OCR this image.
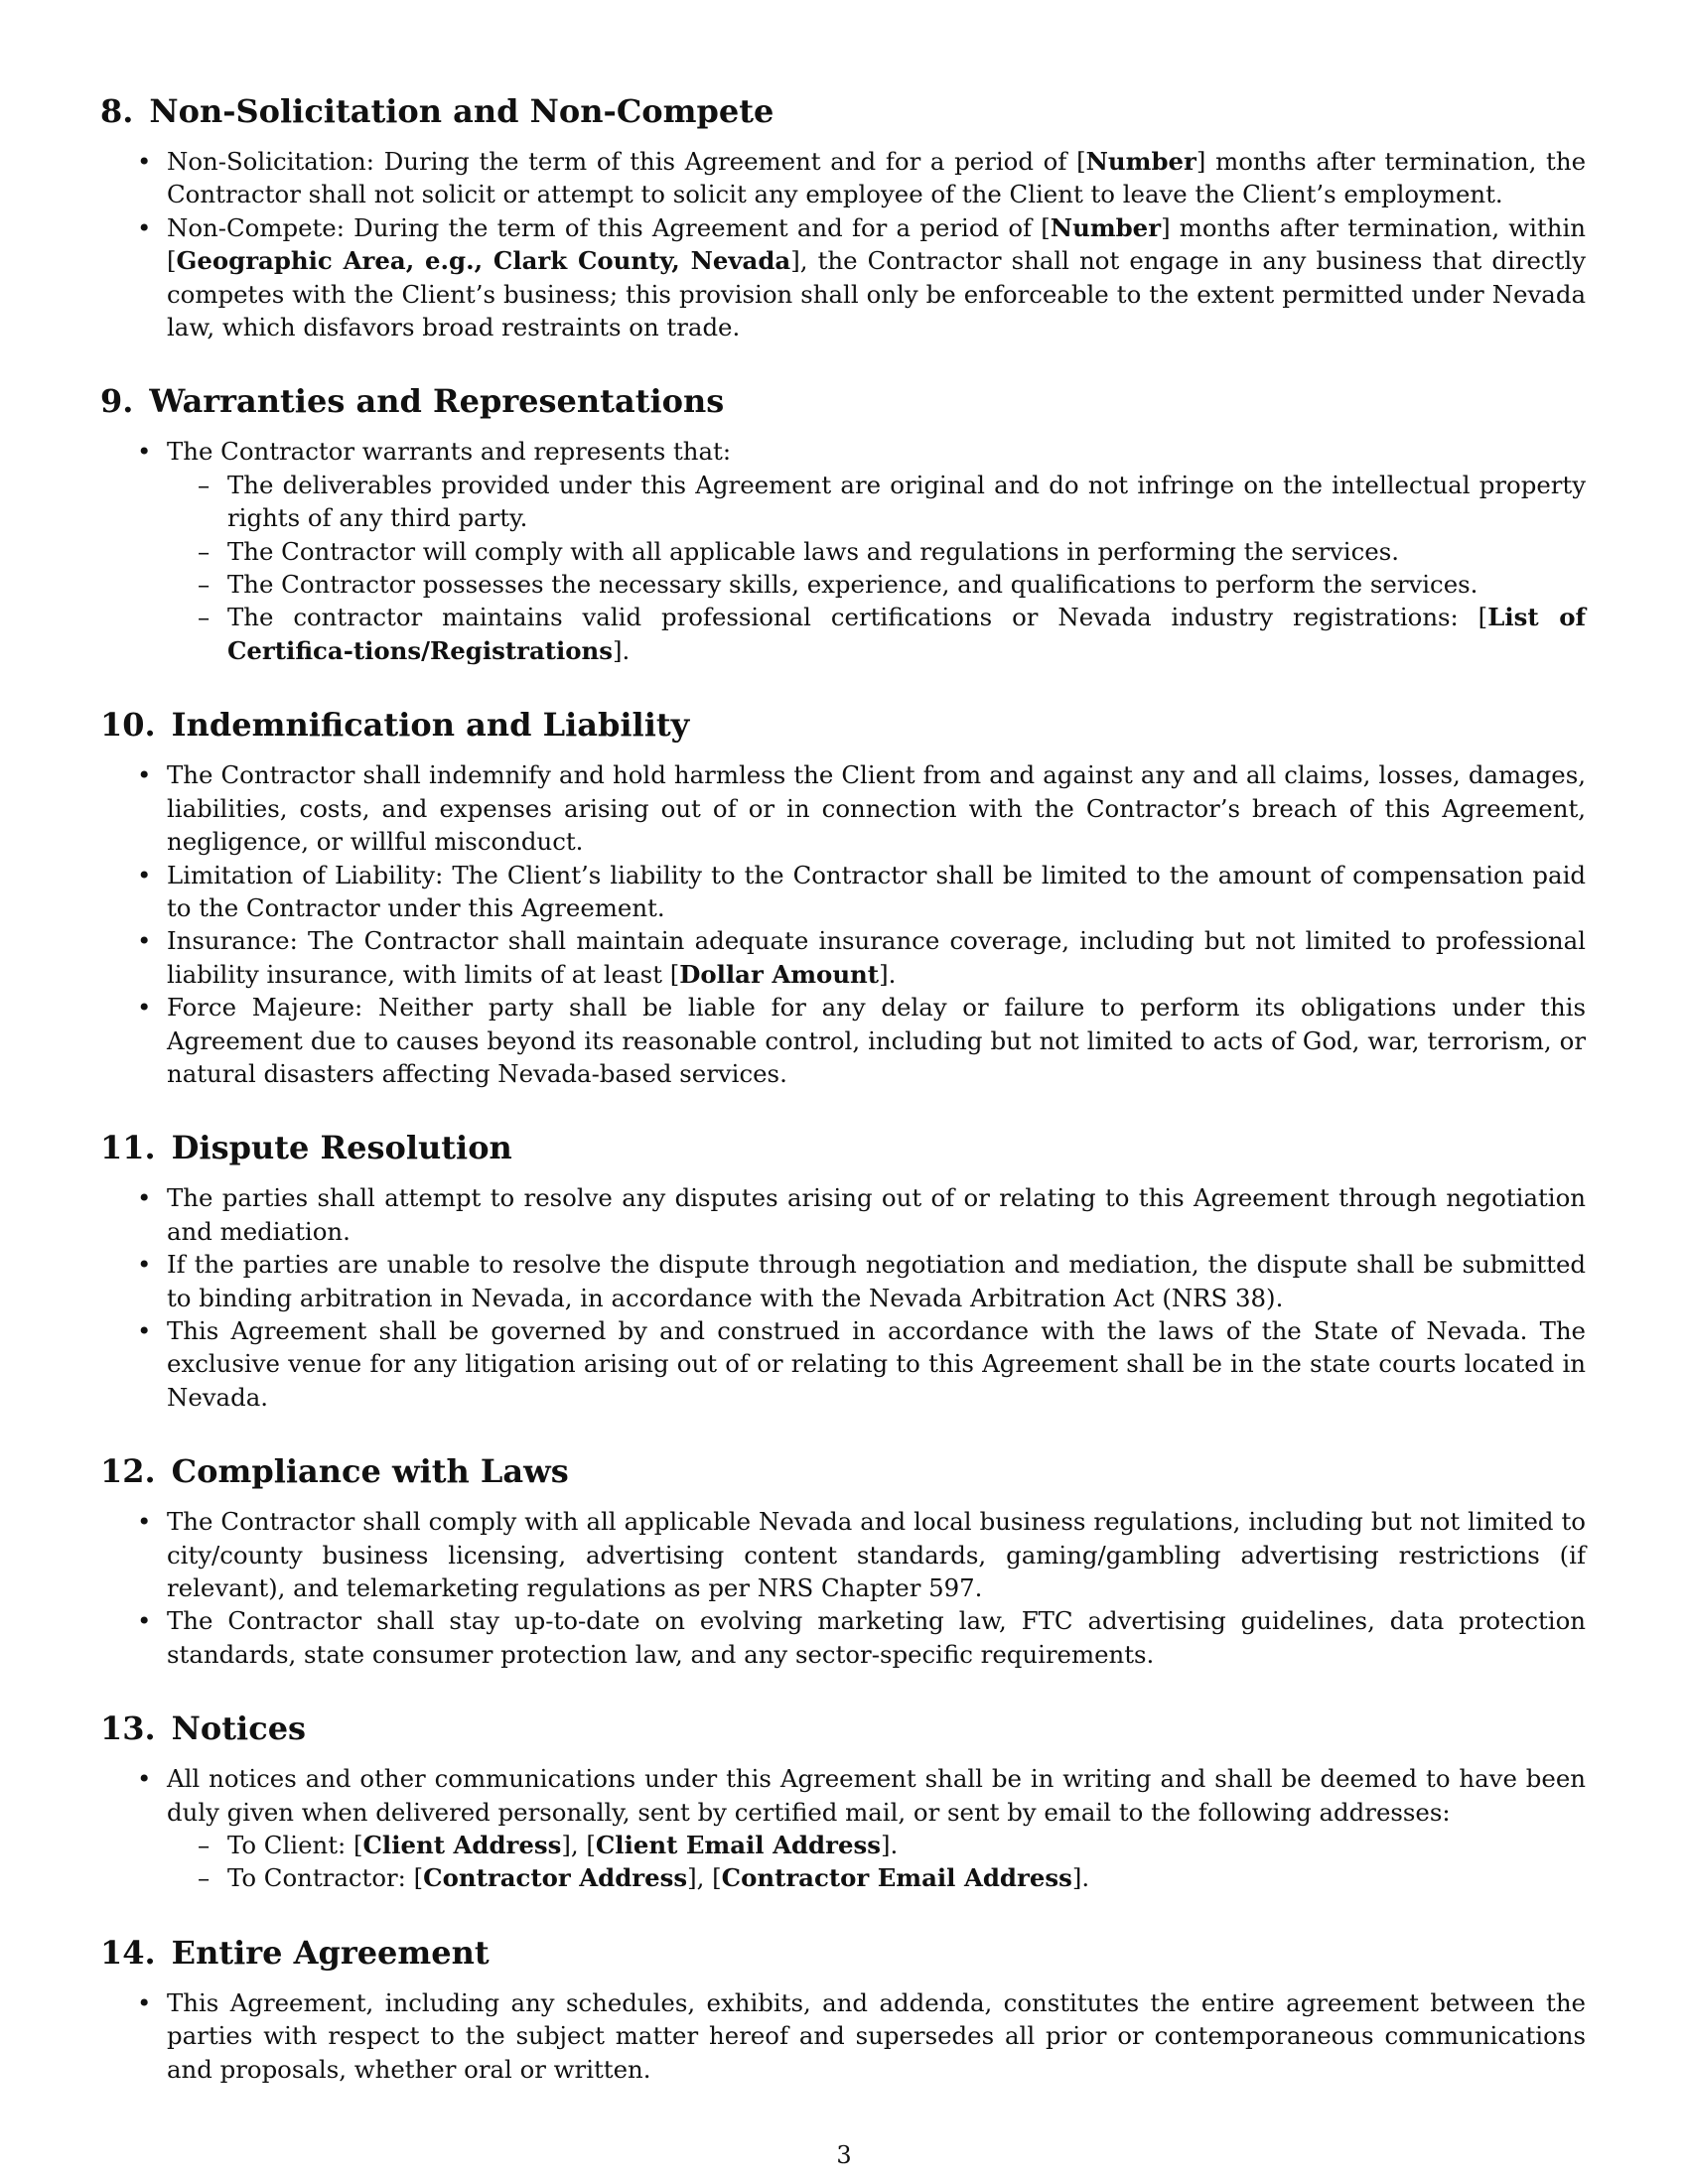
8. Non-Solicitation and Non-Compete
• Non-Solicitation: During the term of this Agreement and for a period of [Number] months after termination, the Contractor shall not solicit or attempt to solicit any employee of the Client to leave the Client’s employment.
• Non-Compete: During the term of this Agreement and for a period of [Number] months after termination, within [Geographic Area, e.g., Clark County, Nevada], the Contractor shall not engage in any business that directly competes with the Client’s business; this provision shall only be enforceable to the extent permitted under Nevada law, which disfavors broad restraints on trade.
9. Warranties and Representations
• The Contractor warrants and represents that:
– The deliverables provided under this Agreement are original and do not infringe on the intellectual property rights of any third party.
– The Contractor will comply with all applicable laws and regulations in performing the services.
– The Contractor possesses the necessary skills, experience, and qualifications to perform the services.
– The contractor maintains valid professional certifications or Nevada industry registrations: [List of Certifica-tions/Registrations].
10. Indemnification and Liability
• The Contractor shall indemnify and hold harmless the Client from and against any and all claims, losses, damages, liabilities, costs, and expenses arising out of or in connection with the Contractor’s breach of this Agreement, negligence, or willful misconduct.
• Limitation of Liability: The Client’s liability to the Contractor shall be limited to the amount of compensation paid to the Contractor under this Agreement.
• Insurance: The Contractor shall maintain adequate insurance coverage, including but not limited to professional liability insurance, with limits of at least [Dollar Amount].
• Force Majeure: Neither party shall be liable for any delay or failure to perform its obligations under this Agreement due to causes beyond its reasonable control, including but not limited to acts of God, war, terrorism, or natural disasters affecting Nevada-based services.
11. Dispute Resolution
• The parties shall attempt to resolve any disputes arising out of or relating to this Agreement through negotiation and mediation.
• If the parties are unable to resolve the dispute through negotiation and mediation, the dispute shall be submitted to binding arbitration in Nevada, in accordance with the Nevada Arbitration Act (NRS 38).
• This Agreement shall be governed by and construed in accordance with the laws of the State of Nevada. The exclusive venue for any litigation arising out of or relating to this Agreement shall be in the state courts located in Nevada.
12. Compliance with Laws
• The Contractor shall comply with all applicable Nevada and local business regulations, including but not limited to city/county business licensing, advertising content standards, gaming/gambling advertising restrictions (if relevant), and telemarketing regulations as per NRS Chapter 597.
• The Contractor shall stay up-to-date on evolving marketing law, FTC advertising guidelines, data protection standards, state consumer protection law, and any sector-specific requirements.
13. Notices
• All notices and other communications under this Agreement shall be in writing and shall be deemed to have been duly given when delivered personally, sent by certified mail, or sent by email to the following addresses:
– To Client: [Client Address], [Client Email Address].
– To Contractor: [Contractor Address], [Contractor Email Address].
14. Entire Agreement
• This Agreement, including any schedules, exhibits, and addenda, constitutes the entire agreement between the parties with respect to the subject matter hereof and supersedes all prior or contemporaneous communications and proposals, whether oral or written.
3
